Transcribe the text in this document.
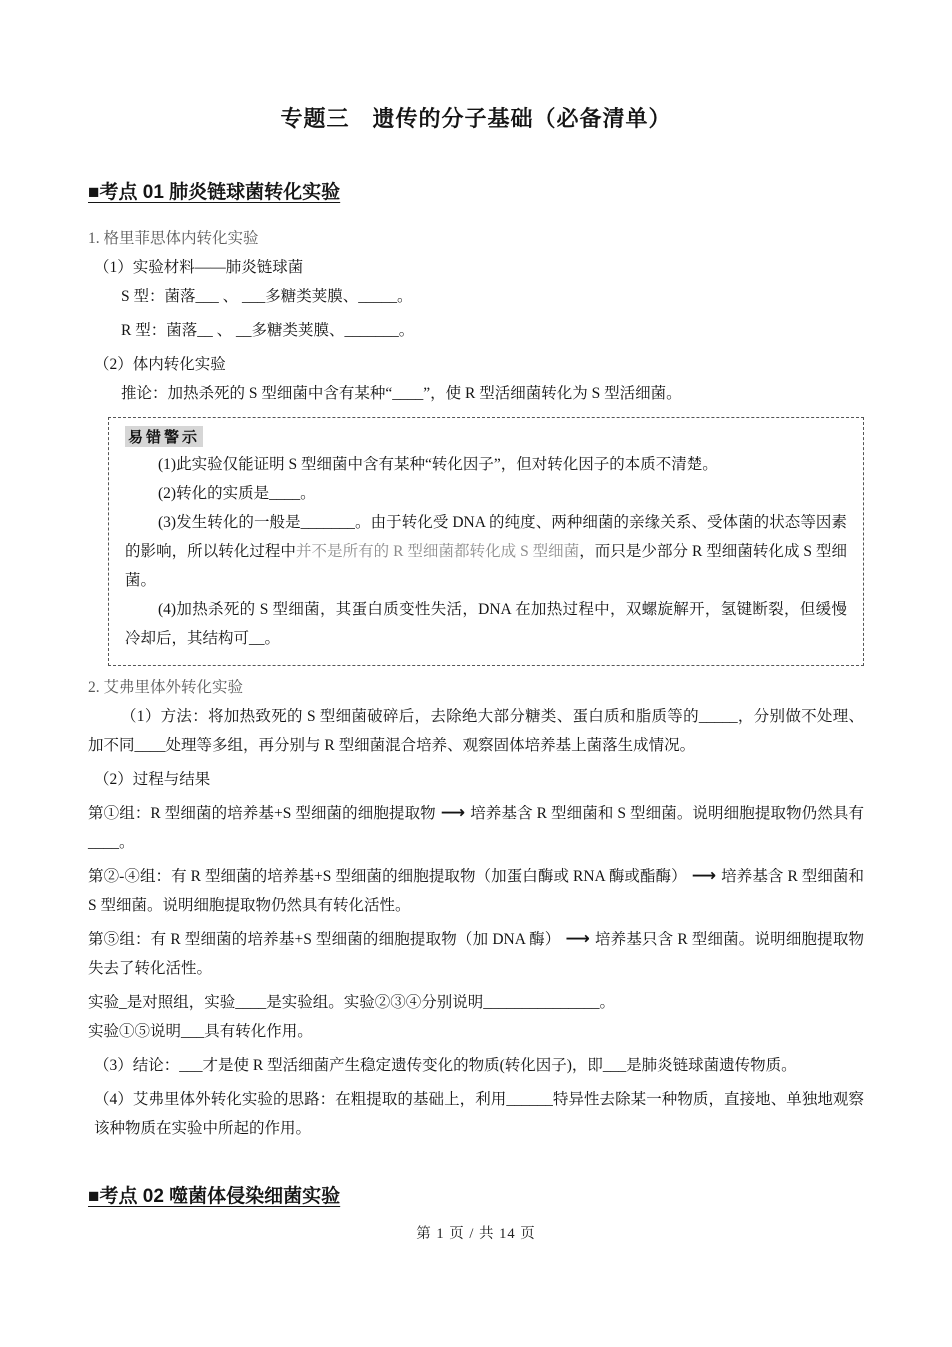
专题三　遗传的分子基础（必备清单）
■考点 01 肺炎链球菌转化实验

1. 格里菲思体内转化实验

（1）实验材料——肺炎链球菌

S 型：菌落___ 、 ___多糖类荚膜、_____。

R 型：菌落__ 、 __多糖类荚膜、_______。

（2）体内转化实验

推论：加热杀死的 S 型细菌中含有某种“____”，使 R 型活细菌转化为 S 型活细菌。

易错警示

(1)此实验仅能证明 S 型细菌中含有某种“转化因子”，但对转化因子的本质不清楚。

(2)转化的实质是____。

(3)发生转化的一般是_______。由于转化受 DNA 的纯度、两种细菌的亲缘关系、受体菌的状态等因素的影响，所以转化过程中并不是所有的 R 型细菌都转化成 S 型细菌，而只是少部分 R 型细菌转化成 S 型细菌。

(4)加热杀死的 S 型细菌，其蛋白质变性失活，DNA 在加热过程中，双螺旋解开，氢键断裂，但缓慢冷却后，其结构可__。

2. 艾弗里体外转化实验

（1）方法：将加热致死的 S 型细菌破碎后，去除绝大部分糖类、蛋白质和脂质等的_____，分别做不处理、加不同____处理等多组，再分别与 R 型细菌混合培养、观察固体培养基上菌落生成情况。

（2）过程与结果

第①组：R 型细菌的培养基+S 型细菌的细胞提取物 ⟶ 培养基含 R 型细菌和 S 型细菌。说明细胞提取物仍然具有____。

第②-④组：有 R 型细菌的培养基+S 型细菌的细胞提取物（加蛋白酶或 RNA 酶或酯酶） ⟶ 培养基含 R 型细菌和 S 型细菌。说明细胞提取物仍然具有转化活性。

第⑤组：有 R 型细菌的培养基+S 型细菌的细胞提取物（加 DNA 酶） ⟶ 培养基只含 R 型细菌。说明细胞提取物失去了转化活性。

实验_是对照组，实验____是实验组。实验②③④分别说明_______________。

实验①⑤说明___具有转化作用。

（3）结论：___才是使 R 型活细菌产生稳定遗传变化的物质(转化因子)，即___是肺炎链球菌遗传物质。

（4）艾弗里体外转化实验的思路：在粗提取的基础上，利用______特异性去除某一种物质，直接地、单独地观察该种物质在实验中所起的作用。

■考点 02 噬菌体侵染细菌实验
第 1 页 / 共 14 页
